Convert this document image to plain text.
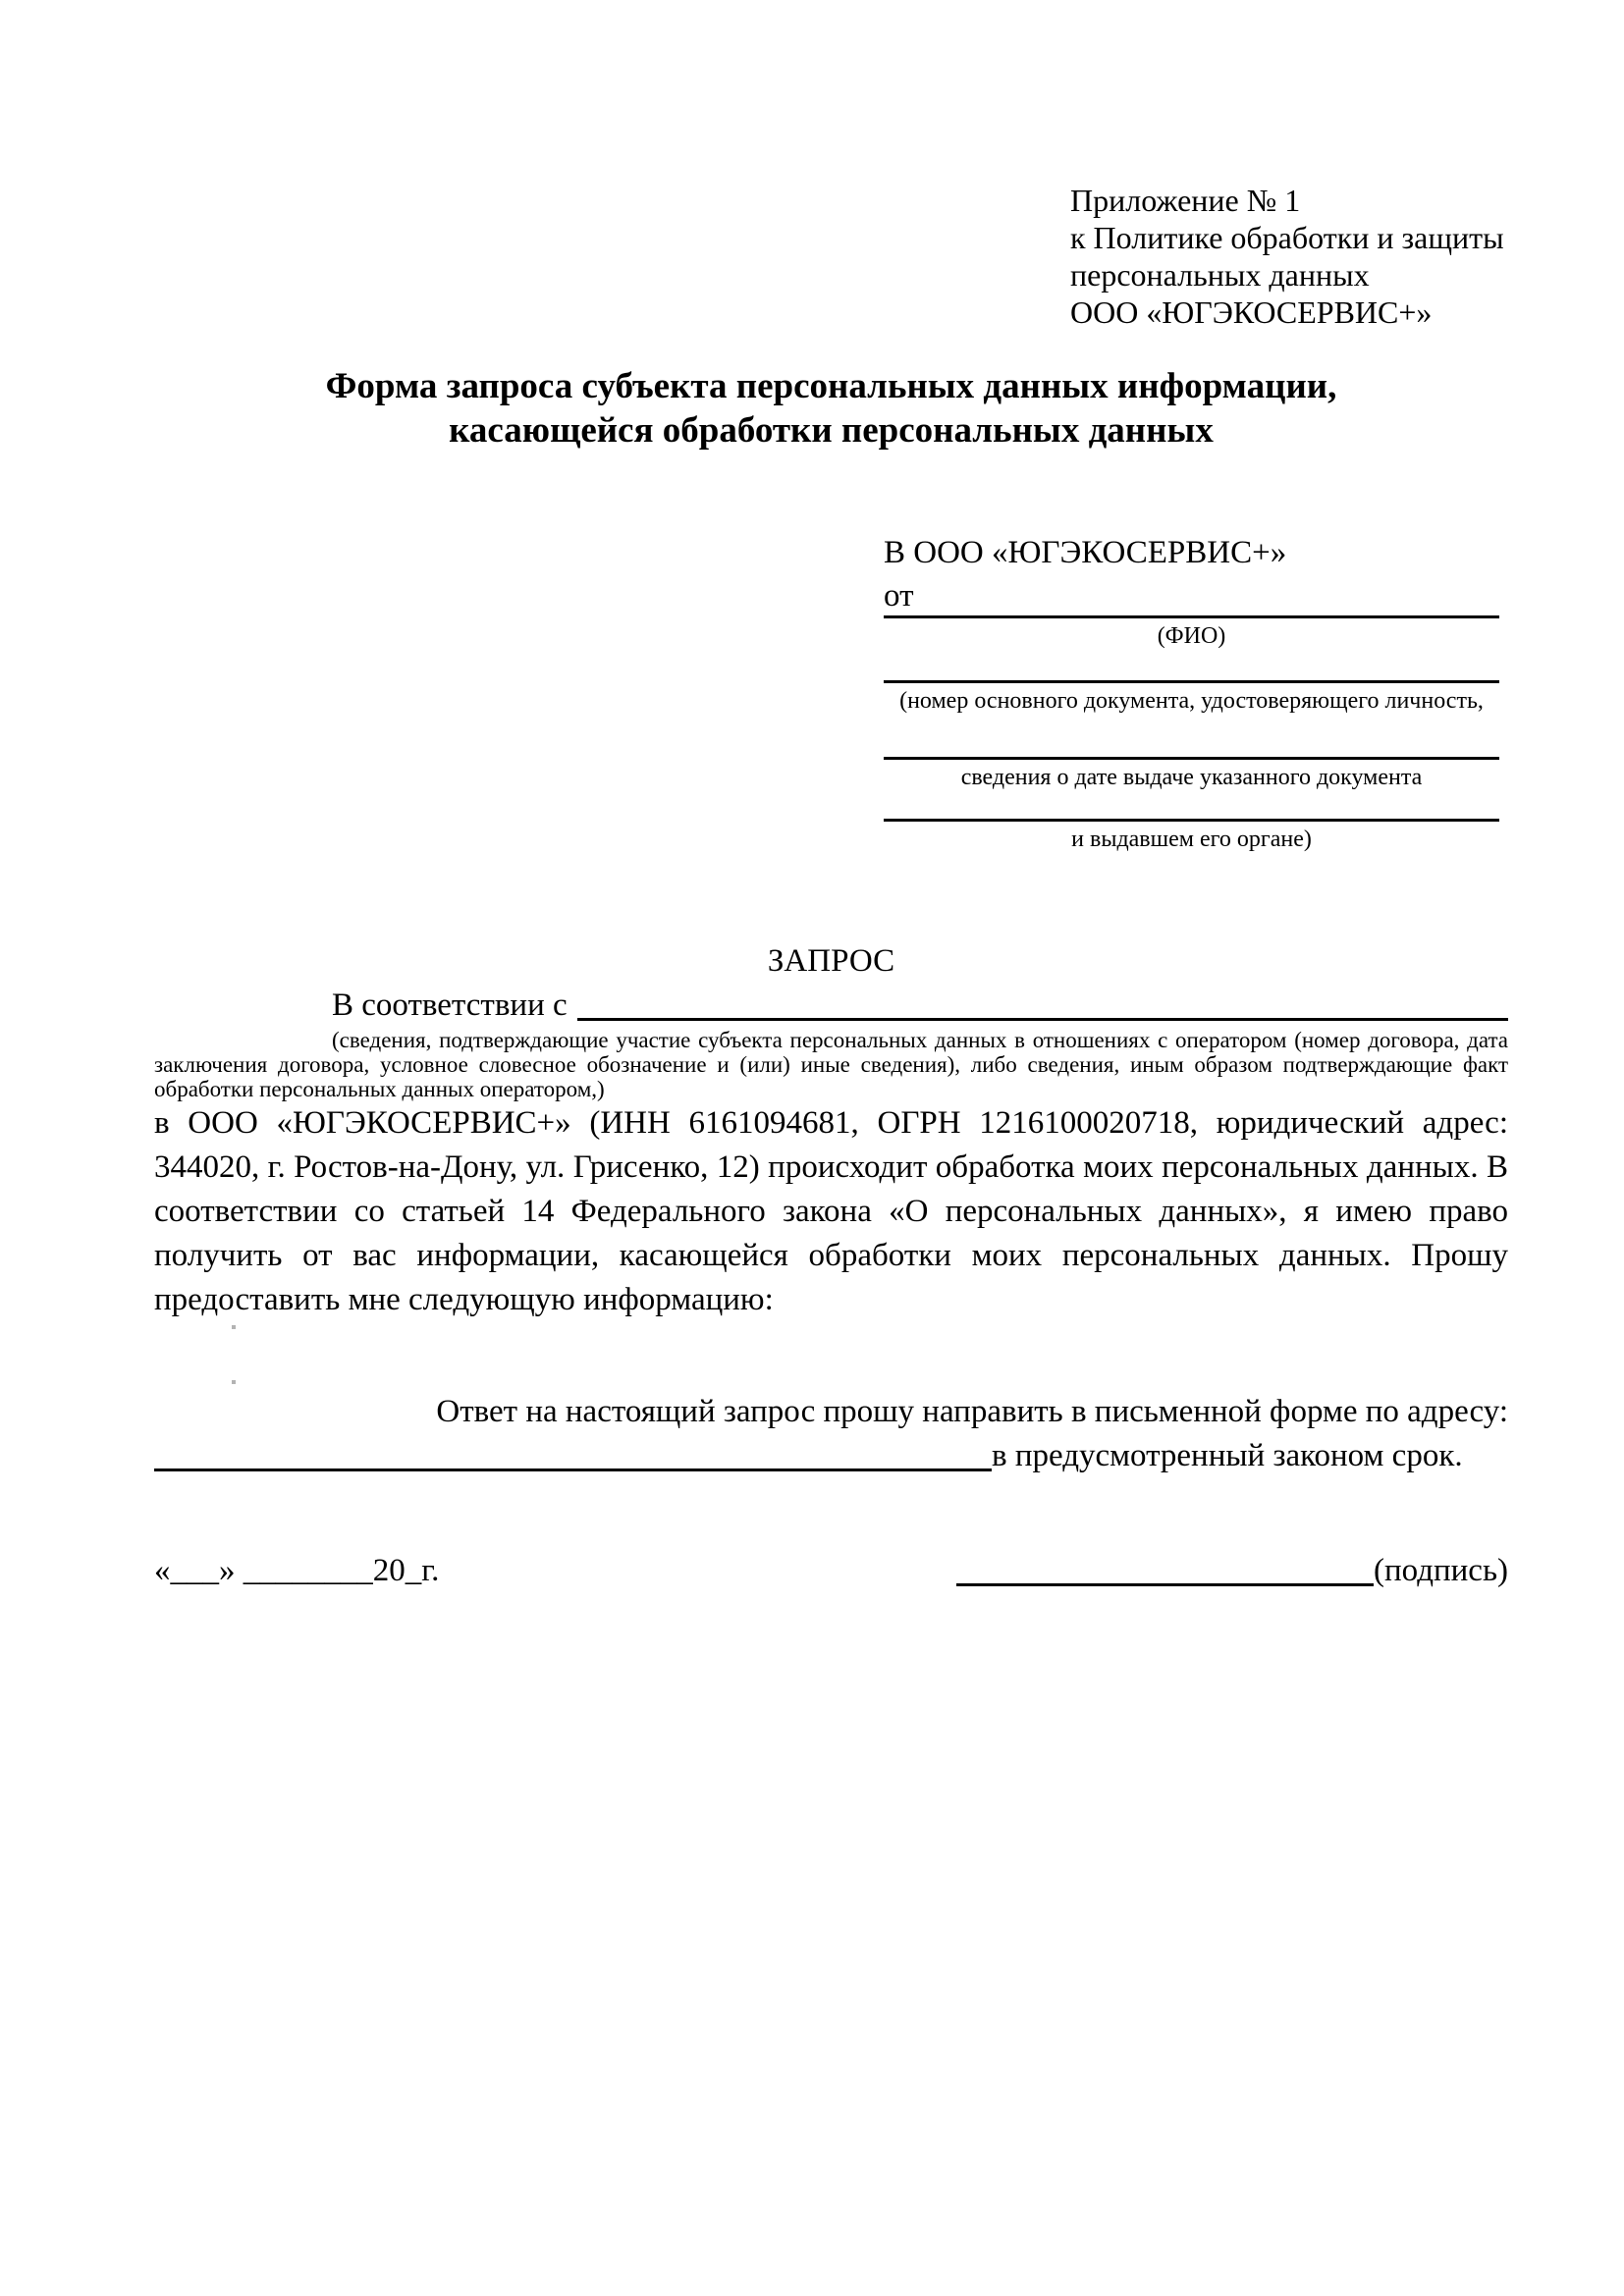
Приложение № 1
к Политике обработки и защиты
персональных данных
ООО «ЮГЭКОСЕРВИС+»
Форма запроса субъекта персональных данных информации,
касающейся обработки персональных данных
В ООО «ЮГЭКОСЕРВИС+»
от
(ФИО)
(номер основного документа, удостоверяющего личность,
сведения о дате выдаче указанного документа
и выдавшем его органе)
ЗАПРОС
В соответствии с

(сведения, подтверждающие участие субъекта персональных данных в отношениях с оператором (номер договора, дата заключения договора, условное словесное обозначение и (или) иные сведения), либо сведения, иным образом подтверждающие факт обработки персональных данных оператором,)

в ООО «ЮГЭКОСЕРВИС+» (ИНН 6161094681, ОГРН 1216100020718, юридический адрес: 344020, г. Ростов-на-Дону, ул. Грисенко, 12) происходит обработка моих персональных данных. В соответствии со статьей 14 Федерального закона «О персональных данных», я имею право получить от вас информации, касающейся обработки моих персональных данных. Прошу предоставить мне следующую информацию:

Ответ на настоящий запрос прошу направить в письменной форме по адресу:
в предусмотренный законом срок.
«___» ________20_г.	(подпись)
